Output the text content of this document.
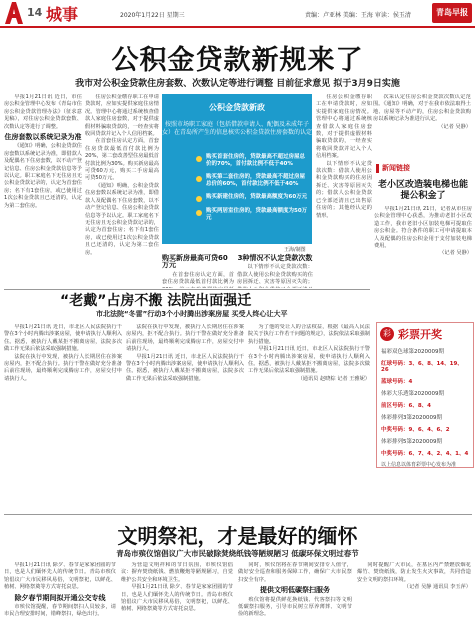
14 城事	2020年1月22日 星期三	责编：卢亚林 美编：王海 审读：侯玉清	青岛早报
公积金贷款新规来了
我市对公积金贷款住房套数、次数认定等进行调整 目前征求意见 拟于3月9日实施

早报1月21日讯 近日，市住房公积金管理中心发布《青岛市住房公积金贷款管理办法》（征求意见稿），对住房公积金贷款套数、次数认定等进行了调整。

住房套数以系统记录为准

《通知》明确，公积金贷款住房套数以系统记录为准，即借款人及配偶名下住房套数，以不动产登记信息、住房公积金贷款信息等予以认定。职工家庭名下无住房且无公积金贷款记录的，认定为首套住房；名下有1套住房，或已使用过1次公积金贷款且已还清的，认定为第二套住房。

住房公积金缴存职工在申请贷款时，应如实提供家庭住房情况。管理中心将通过系统核查借款人家庭住房套数，对于提供虚假材料骗取贷款的，一经查实将收回贷款并记入个人信用档案。

在首套住房认定方面，首套住房贷款最低首付款比例为20%，第二套改善型住房最低首付款比例为30%。购买新房最高可贷60万元，购买二手房最高可贷50万元。

《通知》明确，公积金贷款住房套数以系统记录为准，即借款人及配偶名下住房套数，以不动产登记信息、住房公积金贷款信息等予以认定。职工家庭名下无住房且无公积金贷款记录的，认定为首套住房；名下有1套住房，或已使用过1次公积金贷款且已还清的，认定为第二套住房。

公积金贷款新政
按照市场职工家庭（包括借款申请人、配偶及未成年子女）在青岛所产生的信息核实公积金贷款住房套数的认定
购买首套住房的，贷款最高不超过房屋总价的70%，首付款比例不低于40%
购买第二套住房的，贷款最高不超过房屋总价的60%，首付款比例不低于40%
购买新建住房的，贷款最高额度为60万元
购买两居室住房的，贷款最高额度为50万元
王海/制图
购买新房最高可贷60万元

在首套住房认定方面，首套住房贷款最低首付款比例为

3种情况不认定贷款次数

以下情形不认定贷款次数：借款人使用公积金贷款购买的住房因拆迁、灾害等原因灭失的；

住房公积金缴存职工在申请贷款时，应如实提供家庭住房情况。管理中心将通过系统核查借款人家庭住房套数，对于提供虚假材料骗取贷款的，一经查实将收回贷款并记入个人信用档案。

以下情形不认定贷款次数：借款人使用公积金贷款购买的住房因拆迁、灾害等原因灭失的；借款人公积金贷款已全部还清且已出售原住房的；其他经认定的情形。

次采认定住房公积金贷款次数认定范围。《通知》明确，对于在我市依法取得土地、房屋等不动产的，住房公积金贷款购房以系统记录为准进行认定。

（记者 吴静）

新闻链接
老小区改造装电梯也能提公积金了

早报1月21日讯 21日，记者从市住房公积金管理中心获悉，为推动老旧小区改造工作，我市老旧小区加装电梯可提取住房公积金。符合条件的职工可申请提取本人及配偶的住房公积金用于支付加装电梯费用。

（记者 吴静）

“老戴”占房不搬 法院出面强迁
市北法院“冬雷”行动3个小时腾出涉案房屋 买受人终心让大平

早报1月21日讯 近日，市北区人民法院执行干警在3个小时内腾出涉案房屋，使申请执行人顺利入住。据悉，被执行人戴某拒不搬离房屋，法院多次做工作无果后依法采取强制措施。

法院在执行中发现，被执行人长期居住在涉案房屋内，拒不配合执行。执行干警在做好充分准备后前往现场，最终顺利完成腾房工作，房屋交付申请执行人。

法院在执行中发现，被执行人长期居住在涉案房屋内，拒不配合执行。执行干警在做好充分准备后前往现场，最终顺利完成腾房工作，房屋交付申请执行人。

早报1月21日讯 近日，市北区人民法院执行干警在3个小时内腾出涉案房屋，使申请执行人顺利入住。据悉，被执行人戴某拒不搬离房屋，法院多次做工作无果后依法采取强制措施。

为了他的受让人的合法权益，根据《最高人民法院关于执行工作若干问题的规定》，法院依法采取强制执行措施。

早报1月21日讯 近日，市北区人民法院执行干警在3个小时内腾出涉案房屋，使申请执行人顺利入住。据悉，被执行人戴某拒不搬离房屋，法院多次做工作无果后依法采取强制措施。

（通讯员 赵晓棕 记者 王雅妮）

彩 彩票开奖
福彩双色球第2020009期
红球号码：3、6、8、14、19、26
蓝球号码：4
体彩大乐透第2020009期
前区号码：6、8、4
体彩排列3第2020009期
中奖号码：9、6、4、6、2
体彩排列5第2020009期
中奖号码：6、7、4、2、4、1、4
以上信息以体育彩票中心发布为准
文明祭祀，才是最好的缅怀
青岛市殡仪馆倡议广大市民破除焚烧纸钱等陋规陋习 低碳环保文明过春节

早报1月21日讯 除夕、春节是家家团圆的节日，也是人们缅怀先人的传统节日。青岛市殡仪馆倡议广大市民移风易俗，文明祭祀，以鲜花、植树、网络祭奠等方式寄托哀思。

除夕春节期间拟开通公交专线

市殡仪馆提醒，春节期间祭扫人员较多，请市民合理安排时间，错峰祭扫，绿色出行。

为营造文明祥和的节日氛围，市殡仪馆倡议：摒弃焚烧纸钱、燃放鞭炮等陋规陋习，自觉维护公共安全和环境卫生。

早报1月21日讯 除夕、春节是家家团圆的节日，也是人们缅怀先人的传统节日。青岛市殡仪馆倡议广大市民移风易俗，文明祭祀，以鲜花、植树、网络祭奠等方式寄托哀思。

同时，殡仪馆将在春节期间安排专人值守，做好安全巡查和服务保障工作，确保广大市民祭扫安全有序。

提供文明低碳祭扫服务

殡仪馆将提供鲜花换纸钱、代客祭扫等文明低碳祭扫服务，引导市民树立厚养薄葬、文明节俭的新理念。

同时提醒广大市民，在墓区内严禁燃放烟花爆竹、焚烧纸钱，防止发生火灾事故，共同营造安全文明的祭扫环境。

（记者 吴静 通讯员 李玉萍）
